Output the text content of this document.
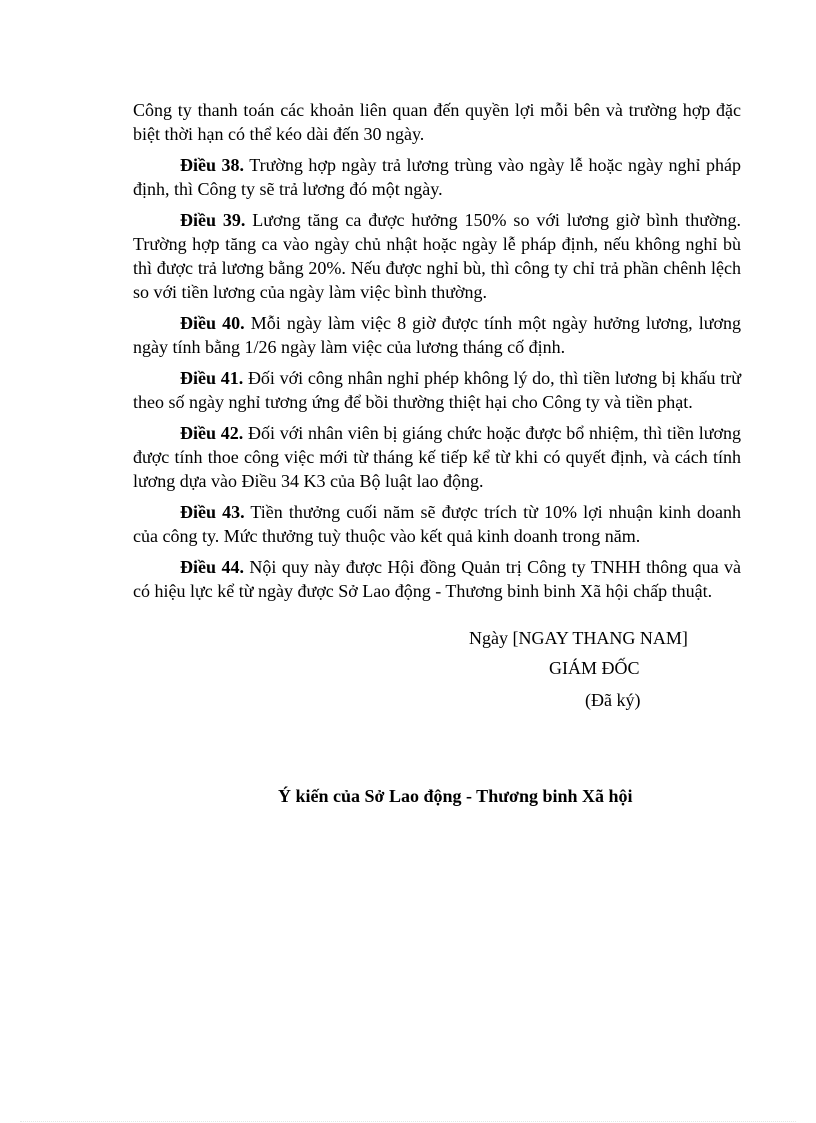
Công ty thanh toán các khoản liên quan đến quyền lợi mỗi bên và trường hợp đặc biệt thời hạn có thể kéo dài đến 30 ngày.

Điều 38. Trường hợp ngày trả lương trùng vào ngày lễ hoặc ngày nghỉ pháp định, thì Công ty sẽ trả lương đó một ngày.

Điều 39. Lương tăng ca được hưởng 150% so với lương giờ bình thường. Trường hợp tăng ca vào ngày chủ nhật hoặc ngày lễ pháp định, nếu không nghỉ bù thì được trả lương bằng 20%. Nếu được nghỉ bù, thì công ty chỉ trả phần chênh lệch so với tiền lương của ngày làm việc bình thường.

Điều 40. Mỗi ngày làm việc 8 giờ được tính một ngày hưởng lương, lương ngày tính bằng 1/26 ngày làm việc của lương tháng cố định.

Điều 41. Đối với công nhân nghỉ phép không lý do, thì tiền lương bị khấu trừ theo số ngày nghỉ tương ứng để bồi thường thiệt hại cho Công ty và tiền phạt.

Điều 42. Đối với nhân viên bị giáng chức hoặc được bổ nhiệm, thì tiền lương được tính thoe công việc mới từ tháng kế tiếp kể từ khi có quyết định, và cách tính lương dựa vào Điều 34 K3 của Bộ luật lao động.

Điều 43. Tiền thưởng cuối năm sẽ được trích từ 10% lợi nhuận kinh doanh của công ty. Mức thưởng tuỳ thuộc vào kết quả kinh doanh trong năm.

Điều 44. Nội quy này được Hội đồng Quản trị Công ty TNHH thông qua và có hiệu lực kể từ ngày được Sở Lao động - Thương binh binh Xã hội chấp thuật.

Ngày [NGAY THANG NAM]
GIÁM ĐỐC
(Đã ký)
Ý kiến của Sở Lao động - Thương binh Xã hội
